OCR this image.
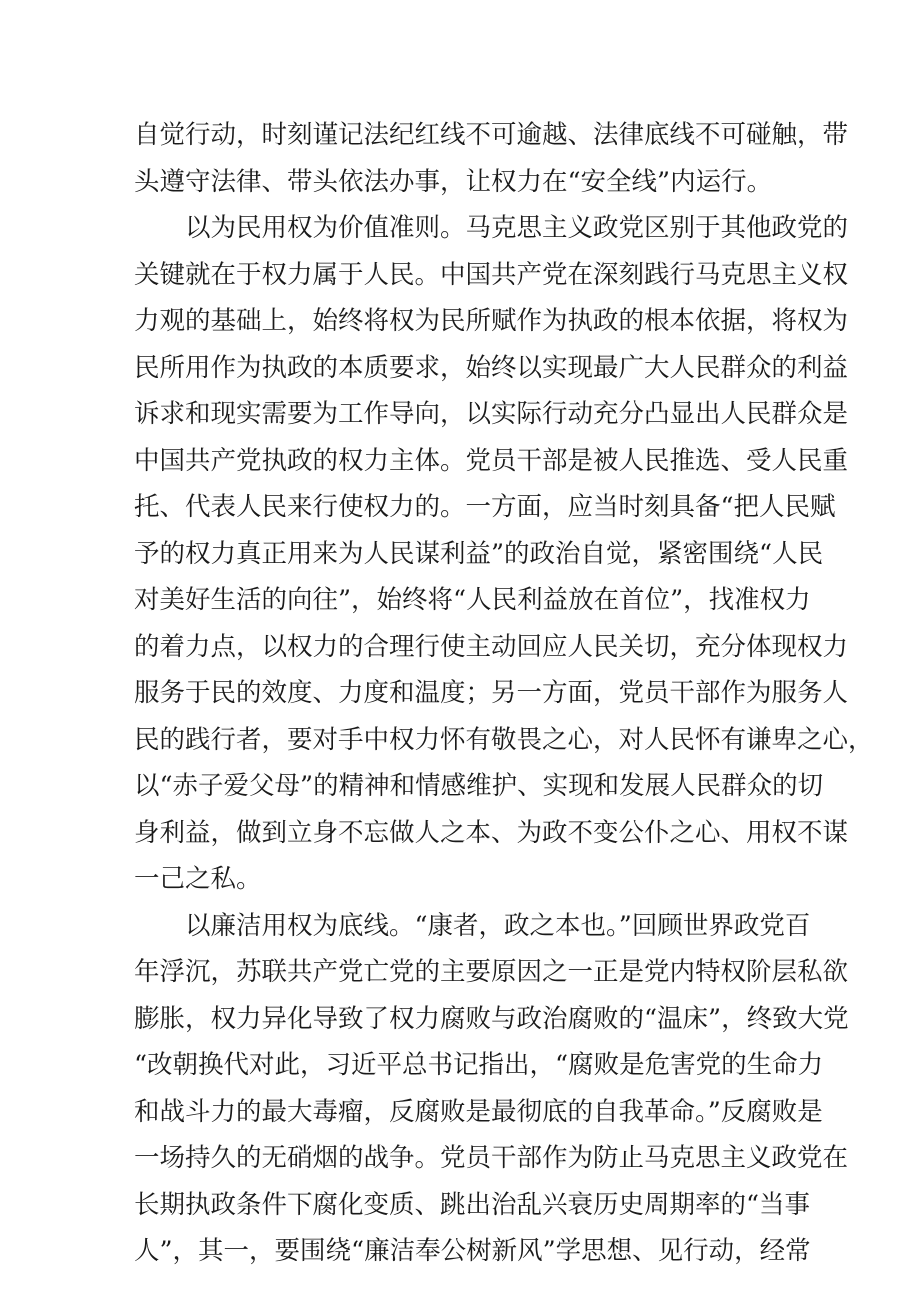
自觉行动，时刻谨记法纪红线不可逾越、法律底线不可碰触，带
头遵守法律、带头依法办事，让权力在“安全线”内运行。
以为民用权为价值准则。马克思主义政党区别于其他政党的
关键就在于权力属于人民。中国共产党在深刻践行马克思主义权
力观的基础上，始终将权为民所赋作为执政的根本依据，将权为
民所用作为执政的本质要求，始终以实现最广大人民群众的利益
诉求和现实需要为工作导向，以实际行动充分凸显出人民群众是
中国共产党执政的权力主体。党员干部是被人民推选、受人民重
托、代表人民来行使权力的。一方面，应当时刻具备“把人民赋
予的权力真正用来为人民谋利益”的政治自觉，紧密围绕“人民
对美好生活的向往”，始终将“人民利益放在首位”，找准权力
的着力点，以权力的合理行使主动回应人民关切，充分体现权力
服务于民的效度、力度和温度；另一方面，党员干部作为服务人
民的践行者，要对手中权力怀有敬畏之心，对人民怀有谦卑之心，
以“赤子爱父母”的精神和情感维护、实现和发展人民群众的切
身利益，做到立身不忘做人之本、为政不变公仆之心、用权不谋
一己之私。
以廉洁用权为底线。“康者，政之本也。”回顾世界政党百
年浮沉，苏联共产党亡党的主要原因之一正是党内特权阶层私欲
膨胀，权力异化导致了权力腐败与政治腐败的“温床”，终致大党
“改朝换代对此，习近平总书记指出，“腐败是危害党的生命力
和战斗力的最大毒瘤，反腐败是最彻底的自我革命。”反腐败是
一场持久的无硝烟的战争。党员干部作为防止马克思主义政党在
长期执政条件下腐化变质、跳出治乱兴衰历史周期率的“当事
人”，其一，要围绕“廉洁奉公树新风”学思想、见行动，经常
